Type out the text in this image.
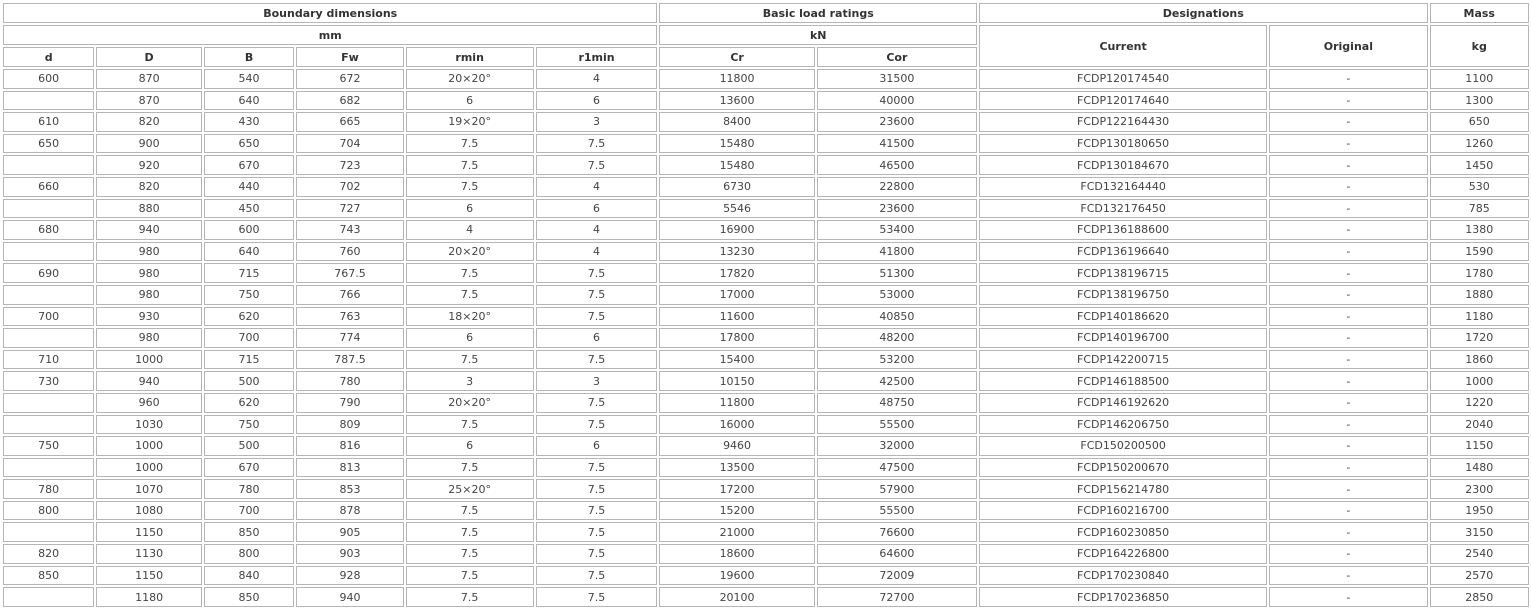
Boundary dimensions						Basic load ratings		Designations		Mass
mm						kN		Current	Original	kg
d	D	B	Fw	rmin	r1min	Cr	Cor			
600	870	540	672	20×20°	4	11800	31500	FCDP120174540	-	1100
	870	640	682	6	6	13600	40000	FCDP120174640	-	1300
610	820	430	665	19×20°	3	8400	23600	FCDP122164430	-	650
650	900	650	704	7.5	7.5	15480	41500	FCDP130180650	-	1260
	920	670	723	7.5	7.5	15480	46500	FCDP130184670	-	1450
660	820	440	702	7.5	4	6730	22800	FCD132164440	-	530
	880	450	727	6	6	5546	23600	FCD132176450	-	785
680	940	600	743	4	4	16900	53400	FCDP136188600	-	1380
	980	640	760	20×20°	4	13230	41800	FCDP136196640	-	1590
690	980	715	767.5	7.5	7.5	17820	51300	FCDP138196715	-	1780
	980	750	766	7.5	7.5	17000	53000	FCDP138196750	-	1880
700	930	620	763	18×20°	7.5	11600	40850	FCDP140186620	-	1180
	980	700	774	6	6	17800	48200	FCDP140196700	-	1720
710	1000	715	787.5	7.5	7.5	15400	53200	FCDP142200715	-	1860
730	940	500	780	3	3	10150	42500	FCDP146188500	-	1000
	960	620	790	20×20°	7.5	11800	48750	FCDP146192620	-	1220
	1030	750	809	7.5	7.5	16000	55500	FCDP146206750	-	2040
750	1000	500	816	6	6	9460	32000	FCD150200500	-	1150
	1000	670	813	7.5	7.5	13500	47500	FCDP150200670	-	1480
780	1070	780	853	25×20°	7.5	17200	57900	FCDP156214780	-	2300
800	1080	700	878	7.5	7.5	15200	55500	FCDP160216700	-	1950
	1150	850	905	7.5	7.5	21000	76600	FCDP160230850	-	3150
820	1130	800	903	7.5	7.5	18600	64600	FCDP164226800	-	2540
850	1150	840	928	7.5	7.5	19600	72009	FCDP170230840	-	2570
	1180	850	940	7.5	7.5	20100	72700	FCDP170236850	-	2850
